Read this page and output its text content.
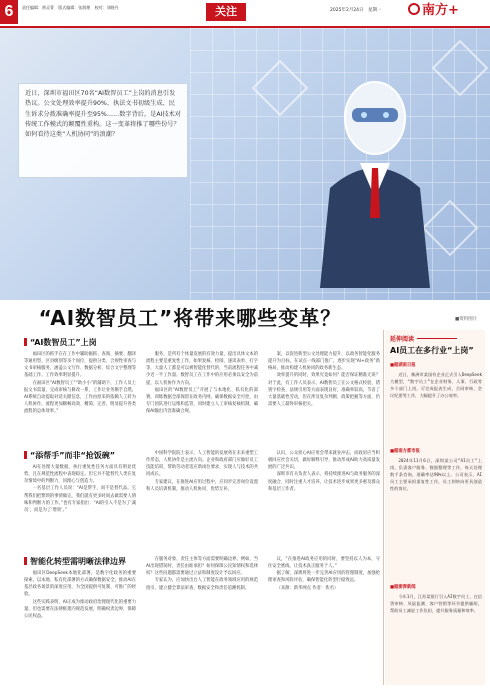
6	责任编辑：黄灵菁 版式编辑：张润理 校对：刘晓丹	关注	2025年2月24日 星期一	南方+
近日，深圳市福田区70名“AI数智员工”上岗的消息引发热议。公文处理效率提升90%、执法文书初级生成、民生诉求分拨准确率提升至95%……数字背后，是AI技术对传统工作模式的颠覆性重构。这一变革将推了哪些份号？如何看待这类“人机协同”的浪潮？
■资料图片
“AI数智员工”将带来哪些变革？
“AI数智员工”上岗

福田区的抓手在在工作中辅助掘抓、查阅、摘要、翻译等通用型、区县级别等多个岗位，提供分类、合规性审查与文书审核服务，涵盖公文写作、数据分析、综合文字整理等基础工作。工作效率明显提升。

在福田区“AI数智员工”“助小小”的辅助下，工作人员上报文书需量，完成审核与修改一系，工作让业务顺手自然。AI系统自动提取对话关键信息，工作由原来的依赖人工转为人机协作，流程更加顺畅高效、精简、完善，明显提升各类流程的总体效率。”

服务，是所有个体量发展的有效力量，提出具体文本的流程主要是重复性工作，如果复核、检阅、速读表单、打字等，大量人工都是可以被智能化替代的，当前流程任务中减少近一半工作量。数智员工在工作中的应用必须以安全为前提，以人机协作为方向。

福田区的“AI数智员工”开展了与本地化、私有化的部署，训练数据全部保留在政务内网，确保数据安全可控，由专门团队进行运维和监管，同时建立人工审核复核机制，确保AI输出内容准确合规。

案，以促进新型公文处理能力提升、以政务智能化服务提升为目标，在试点一线部门推广，逐步实现“AI+政务”新格局，推动构建人机协同的政务新生态。

效率提升的同时，效果究竟如何？能否保证精准无误？对于此，有工作人员表示，AI数智员工在公文格式校验、错别字检查、法规引用等方面表现良好，准确率较高，节省了大量基础性劳动，但在涉及复杂判断、政策把握等方面，仍需要人工最终审核把关。

“添帮手”而非“抢饭碗”

AI在处理大量数据、执行重复性任务方面具有明显优势，且在规范性流程中表现稳定。但它并不能替代人类在复杂情境中的判断力、同理心与创造力。

一名基层工作人员说：“AI是帮手，而不是替代品。它帮我们把繁琐的事情做完，我们就有更多时间去做需要人情味和判断力的工作。”也有专家指出：“AI的引入不是为了‘减员’，而是为了‘增效’。”

中国科学院院士表示，人工智能的发展将在未来重塑工作形态，人机协作是主流方向。企业和政府部门应做好员工技能培训，帮助劳动者适应新岗位要求，实现人与技术的共同成长。

专家建议，在推进AI应用过程中，应同步完善岗位设置和人员培训机制，推动人机协同、优势互补。

认识，公众担心AI应用会带来就业冲击，而政府应当积极回应社会关切，做好解释引导，推动形成AI助力高质量发展的广泛共识。

深圳市有关负责人表示，将持续推进AI与政务服务的深度融合，同时注重人才培养，让技术进步成果更多惠及群众和基层工作者。

智能化转型需明晰法律边界

福田区DeepSeek本地化部署，是数字化政务的重要探索。以本地、私有化部署的方式确保数据安全，推动AI在基层政务场景的深度应用，为全国提供可复制、可推广的经验。

这些实践表明，AI正成为推动政府治理现代化的重要力量，但也需要在法律框架内规范发展，明确权责边界，保障公民权益。

在服务对象、责任主体等方面需要明确边界。例如，当AI出现错误时，责任由谁承担？如何保障公民知情权和选择权？这些问题都需要通过立法和制度设计予以回应。

专家认为，应加快出台人工智能在政务领域应用的规范指引，建立健全算法审查、数据安全和责任追溯机制。

议，“在推进AI政务应用的同时，要坚持以人为本，守住安全底线，让技术真正服务于人。”

据了解，深圳将进一步完善AI应用的管理制度，加强伦理审查和风险评估，确保智能化转型行稳致远。

（来源：新华网点 作者：佚名）

延伸阅读
AI员工在多行业“上岗”
■据湖南日报

近日，株洲市某国有企业正式引入DeepSeek大模型，“数字员工”在企业财务、人事、行政等多个部门上岗，可完成报表生成、合同审核、会议纪要等工作，大幅提升了办公效率。

■据南方都市报

2024年11月6日，深圳某公司“AI员工”上岗，负责客户服务、数据整理等工作，每天处理数千条咨询，准确率达90%以上。公司表示，AI员工主要承担重复性工作，员工则转向更具创造性的岗位。

■据澎湃新闻

今年1月，江苏某银行引入AI数字员工，在信贷审核、风险监测、客户营销等环节提供辅助，帮助员工减轻工作负担，提升服务质量和效率。
